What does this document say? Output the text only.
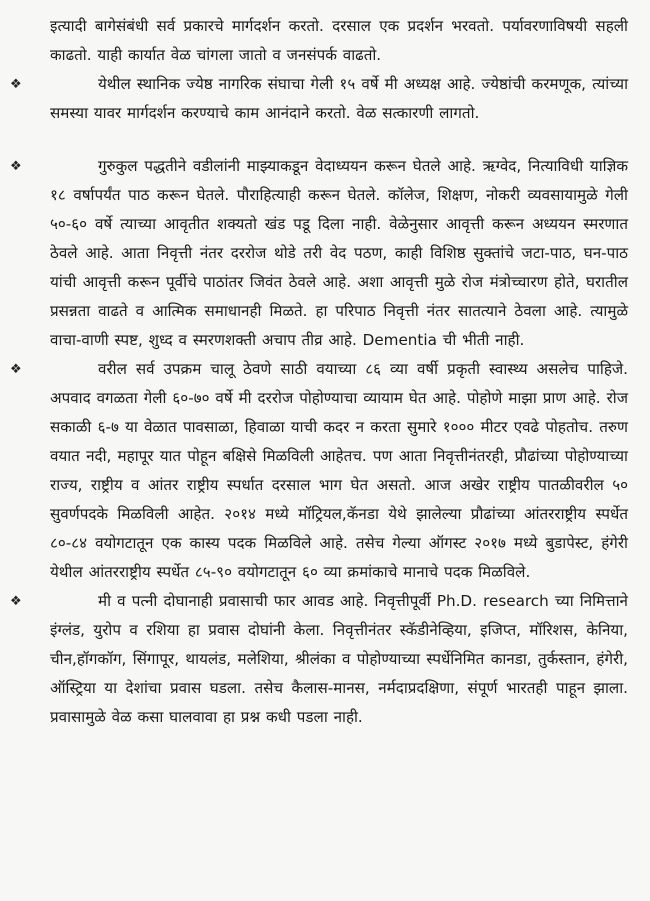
इत्यादी बागेसंबंधी सर्व प्रकारचे मार्गदर्शन करतो. दरसाल एक प्रदर्शन भरवतो. पर्यावरणाविषयी सहली काढतो. याही कार्यात वेळ चांगला जातो व जनसंपर्क वाढतो.

❖	येथील स्थानिक ज्येष्ठ नागरिक संघाचा गेली १५ वर्षे मी अध्यक्ष आहे. ज्येष्ठांची करमणूक, त्यांच्या समस्या यावर मार्गदर्शन करण्याचे काम आनंदाने करतो. वेळ सत्कारणी लागतो.

❖	गुरुकुल पद्धतीने वडीलांनी माझ्याकडून वेदाध्ययन करून घेतले आहे. ऋग्वेद, नित्याविधी याज्ञिक १८ वर्षापर्यंत पाठ करून घेतले. पौराहित्याही करून घेतले. कॉलेज, शिक्षण, नोकरी व्यवसायामुळे गेली ५०-६० वर्षे त्याच्या आवृतीत शक्यतो खंड पडू दिला नाही. वेळेनुसार आवृत्ती करून अध्ययन स्मरणात ठेवले आहे. आता निवृत्ती नंतर दररोज थोडे तरी वेद पठण, काही विशिष्ठ सुक्तांचे जटा-पाठ, घन-पाठ यांची आवृत्ती करून पूर्वीचे पाठांतर जिवंत ठेवले आहे. अशा आवृत्ती मुळे रोज मंत्रोच्चारण होते, घरातील प्रसन्नता वाढते व आत्मिक समाधानही मिळते. हा परिपाठ निवृत्ती नंतर सातत्याने ठेवला आहे. त्यामुळे वाचा-वाणी स्पष्ट, शुध्द व स्मरणशक्ती अचाप तीव्र आहे. Dementia ची भीती नाही.

❖	वरील सर्व उपक्रम चालू ठेवणे साठी वयाच्या ८६ व्या वर्षी प्रकृती स्वास्थ्य असलेच पाहिजे. अपवाद वगळता गेली ६०-७० वर्षे मी दररोज पोहोण्याचा व्यायाम घेत आहे. पोहोणे माझा प्राण आहे. रोज सकाळी ६-७ या वेळात पावसाळा, हिवाळा याची कदर न करता सुमारे १००० मीटर एवढे पोहतोच. तरुण वयात नदी, महापूर यात पोहून बक्षिसे मिळविली आहेतच. पण आता निवृत्तीनंतरही, प्रौढांच्या पोहोण्याच्या राज्य, राष्ट्रीय व आंतर राष्ट्रीय स्पर्धात दरसाल भाग घेत असतो. आज अखेर राष्ट्रीय पातळीवरील ५० सुवर्णपदके मिळविली आहेत. २०१४ मध्ये मॉट्रियल,कॅनडा येथे झालेल्या प्रौढांच्या आंतरराष्ट्रीय स्पर्धेत ८०-८४ वयोगटातून एक कास्य पदक मिळविले आहे. तसेच गेल्या ऑगस्ट २०१७ मध्ये बुडापेस्ट, हंगेरी येथील आंतरराष्ट्रीय स्पर्धेत ८५-९० वयोगटातून ६० व्या क्रमांकाचे मानाचे पदक मिळविले.

❖	मी व पत्नी दोघानाही प्रवासाची फार आवड आहे. निवृत्तीपूर्वी Ph.D. research च्या निमित्ताने इंग्लंड, युरोप व रशिया हा प्रवास दोघांनी केला. निवृत्तीनंतर स्कॅडीनेव्हिया, इजिप्त, मॉरिशस, केनिया, चीन,हॉगकॉग, सिंगापूर, थायलंड, मलेशिया, श्रीलंका व पोहोण्याच्या स्पर्धेनिमित कानडा, तुर्कस्तान, हंगेरी, ऑस्ट्रिया या देशांचा प्रवास घडला. तसेच कैलास-मानस, नर्मदाप्रदक्षिणा, संपूर्ण भारतही पाहून झाला. प्रवासामुळे वेळ कसा घालवावा हा प्रश्न कधी पडला नाही.
